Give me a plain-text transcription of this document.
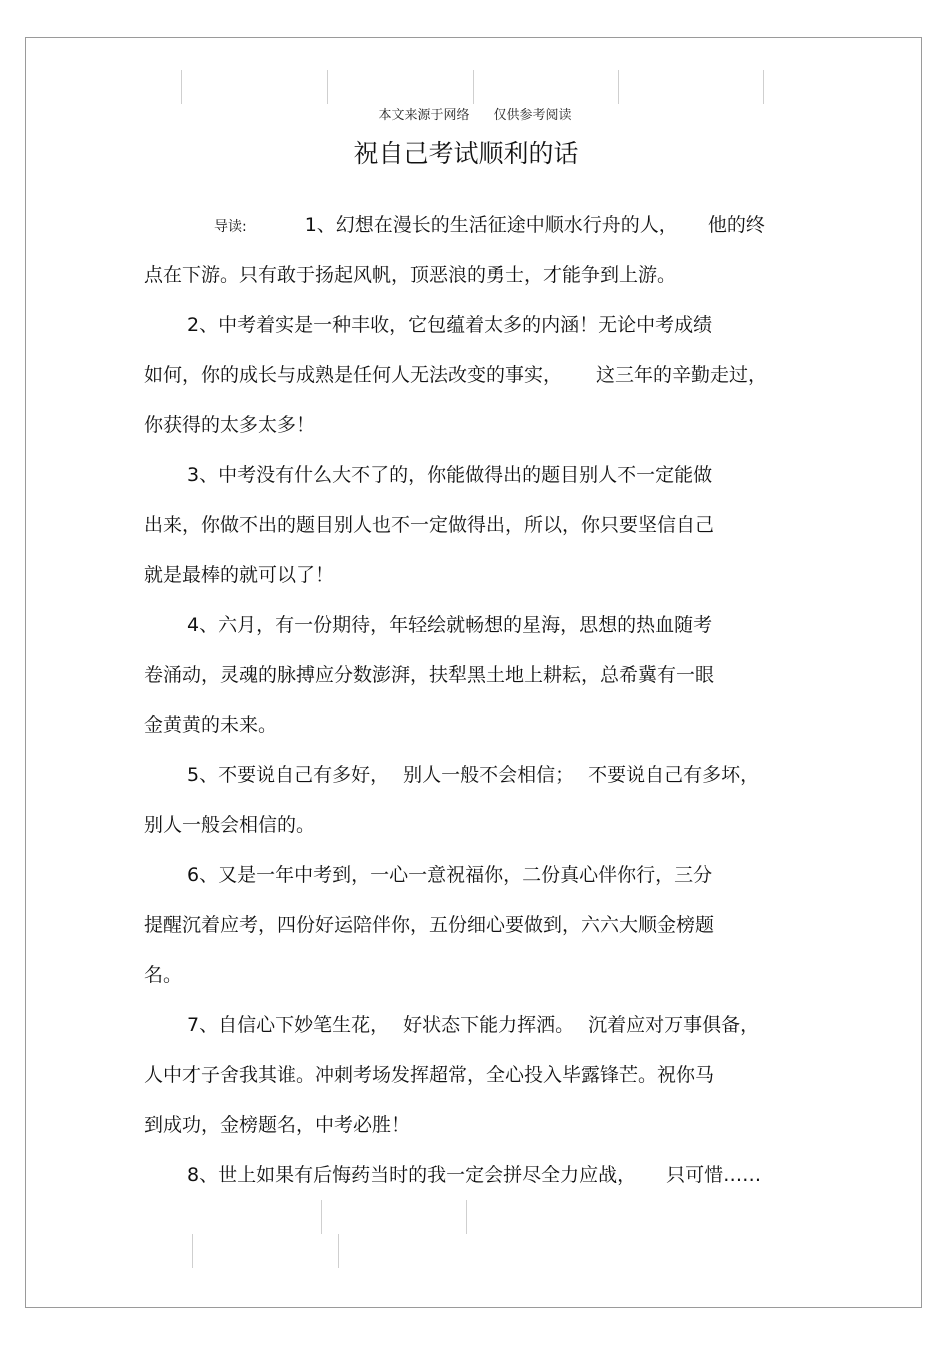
本文来源于网络 仅供参考阅读
祝自己考试顺利的话
导读:	1、幻想在漫长的生活征途中顺水行舟的人， 他的终
点在下游。只有敢于扬起风帆，顶恶浪的勇士，才能争到上游。
2、中考着实是一种丰收，它包蕴着太多的内涵！无论中考成绩
如何，你的成长与成熟是任何人无法改变的事实， 这三年的辛勤走过，
你获得的太多太多！
3、中考没有什么大不了的，你能做得出的题目别人不一定能做
出来，你做不出的题目别人也不一定做得出，所以，你只要坚信自己
就是最棒的就可以了！
4、六月，有一份期待，年轻绘就畅想的星海，思想的热血随考
卷涌动，灵魂的脉搏应分数澎湃，扶犁黑土地上耕耘，总希冀有一眼
金黄黄的未来。
5、不要说自己有多好， 别人一般不会相信； 不要说自己有多坏，
别人一般会相信的。
6、又是一年中考到，一心一意祝福你，二份真心伴你行，三分
提醒沉着应考，四份好运陪伴你，五份细心要做到，六六大顺金榜题
名。
7、自信心下妙笔生花， 好状态下能力挥洒。 沉着应对万事俱备，
人中才子舍我其谁。冲刺考场发挥超常，全心投入毕露锋芒。祝你马
到成功，金榜题名，中考必胜！
8、世上如果有后悔药当时的我一定会拼尽全力应战， 只可惜……
